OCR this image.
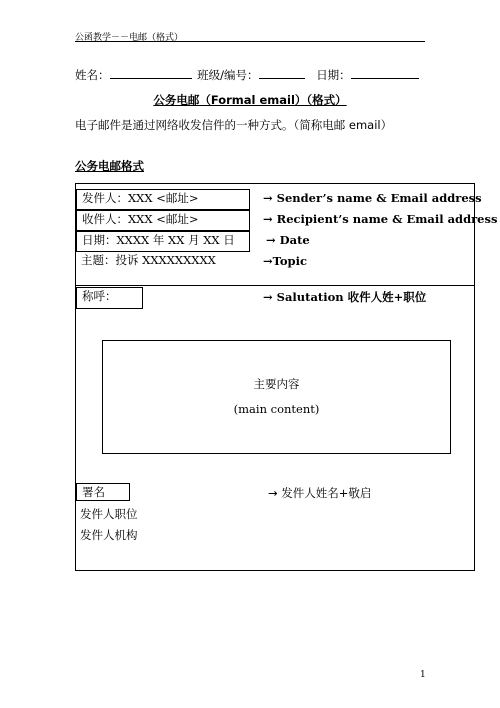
公函教学－－电邮（格式）
姓名：	班级/编号：	日期：
公务电邮（Formal email）（格式）
电子邮件是通过网络收发信件的一种方式。（简称电邮 email）
公务电邮格式
发件人：XXX <邮址>	→ Sender’s name & Email address
收件人：XXX <邮址>	→ Recipient’s name & Email address
日期：XXXX 年 XX 月 XX 日	→ Date
主题：投诉 XXXXXXXXX	→Topic
称呼：	→ Salutation 收件人姓+职位
主要内容
(main content)
署名	→ 发件人姓名+敬启
发件人职位
发件人机构
1
